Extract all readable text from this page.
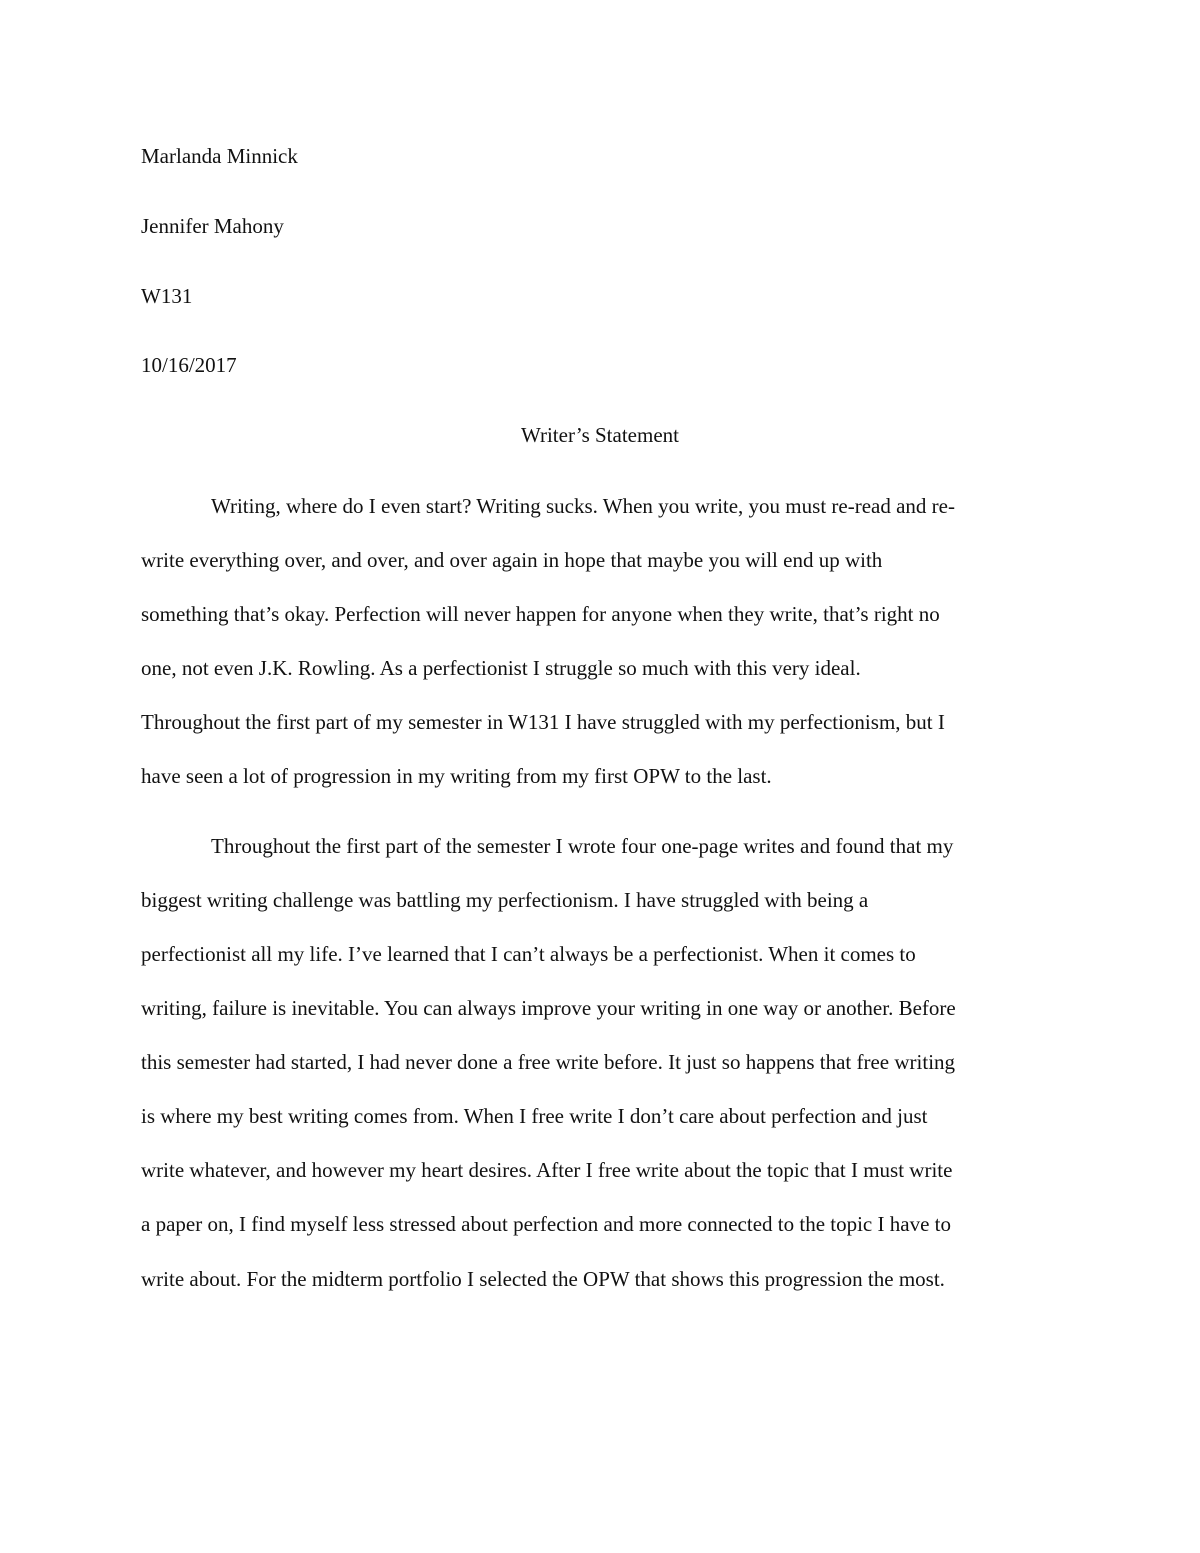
Marlanda Minnick
Jennifer Mahony
W131
10/16/2017
Writer’s Statement
Writing, where do I even start? Writing sucks. When you write, you must re-read and re-
write everything over, and over, and over again in hope that maybe you will end up with
something that’s okay. Perfection will never happen for anyone when they write, that’s right no
one, not even J.K. Rowling. As a perfectionist I struggle so much with this very ideal.
Throughout the first part of my semester in W131 I have struggled with my perfectionism, but I
have seen a lot of progression in my writing from my first OPW to the last.
Throughout the first part of the semester I wrote four one-page writes and found that my
biggest writing challenge was battling my perfectionism. I have struggled with being a
perfectionist all my life. I’ve learned that I can’t always be a perfectionist. When it comes to
writing, failure is inevitable. You can always improve your writing in one way or another. Before
this semester had started, I had never done a free write before. It just so happens that free writing
is where my best writing comes from. When I free write I don’t care about perfection and just
write whatever, and however my heart desires. After I free write about the topic that I must write
a paper on, I find myself less stressed about perfection and more connected to the topic I have to
write about. For the midterm portfolio I selected the OPW that shows this progression the most.
